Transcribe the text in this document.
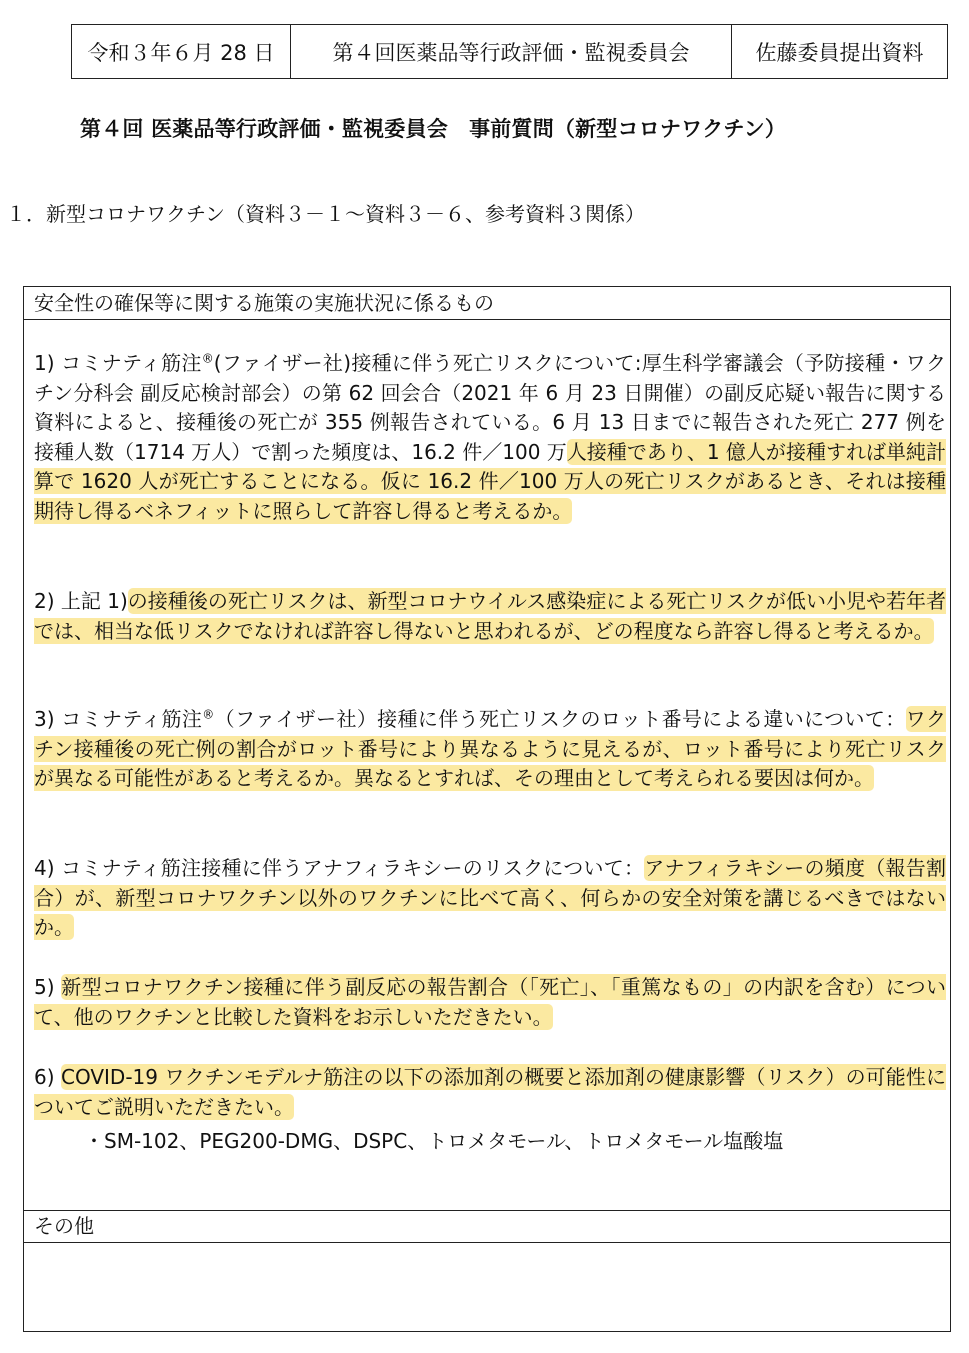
令和３年６月 28 日	第４回医薬品等行政評価・監視委員会	佐藤委員提出資料
第４回 医薬品等行政評価・監視委員会　事前質問（新型コロナワクチン）
１．新型コロナワクチン（資料３－１～資料３－６、参考資料３関係）
安全性の確保等に関する施策の実施状況に係るもの
1) コミナティ筋注®(ファイザー社)接種に伴う死亡リスクについて:厚生科学審議会（予防接種・ワクチン分科会 副反応検討部会）の第 62 回会合（2021 年 6 月 23 日開催）の副反応疑い報告に関する資料によると、接種後の死亡が 355 例報告されている。6 月 13 日までに報告された死亡 277 例を接種人数（1714 万人）で割った頻度は、16.2 件／100 万人接種であり、1 億人が接種すれば単純計算で 1620 人が死亡することになる。仮に 16.2 件／100 万人の死亡リスクがあるとき、それは接種期待し得るベネフィットに照らして許容し得ると考えるか。
2) 上記 1)の接種後の死亡リスクは、新型コロナウイルス感染症による死亡リスクが低い小児や若年者では、相当な低リスクでなければ許容し得ないと思われるが、どの程度なら許容し得ると考えるか。
3) コミナティ筋注®（ファイザー社）接種に伴う死亡リスクのロット番号による違いについて：ワクチン接種後の死亡例の割合がロット番号により異なるように見えるが、ロット番号により死亡リスクが異なる可能性があると考えるか。異なるとすれば、その理由として考えられる要因は何か。
4) コミナティ筋注接種に伴うアナフィラキシーのリスクについて：アナフィラキシーの頻度（報告割合）が、新型コロナワクチン以外のワクチンに比べて高く、何らかの安全対策を講じるべきではないか。
5) 新型コロナワクチン接種に伴う副反応の報告割合（「死亡」、「重篤なもの」の内訳を含む）について、他のワクチンと比較した資料をお示しいただきたい。
6) COVID-19 ワクチンモデルナ筋注の以下の添加剤の概要と添加剤の健康影響（リスク）の可能性についてご説明いただきたい。
・SM-102、PEG200-DMG、DSPC、トロメタモール、トロメタモール塩酸塩
その他
